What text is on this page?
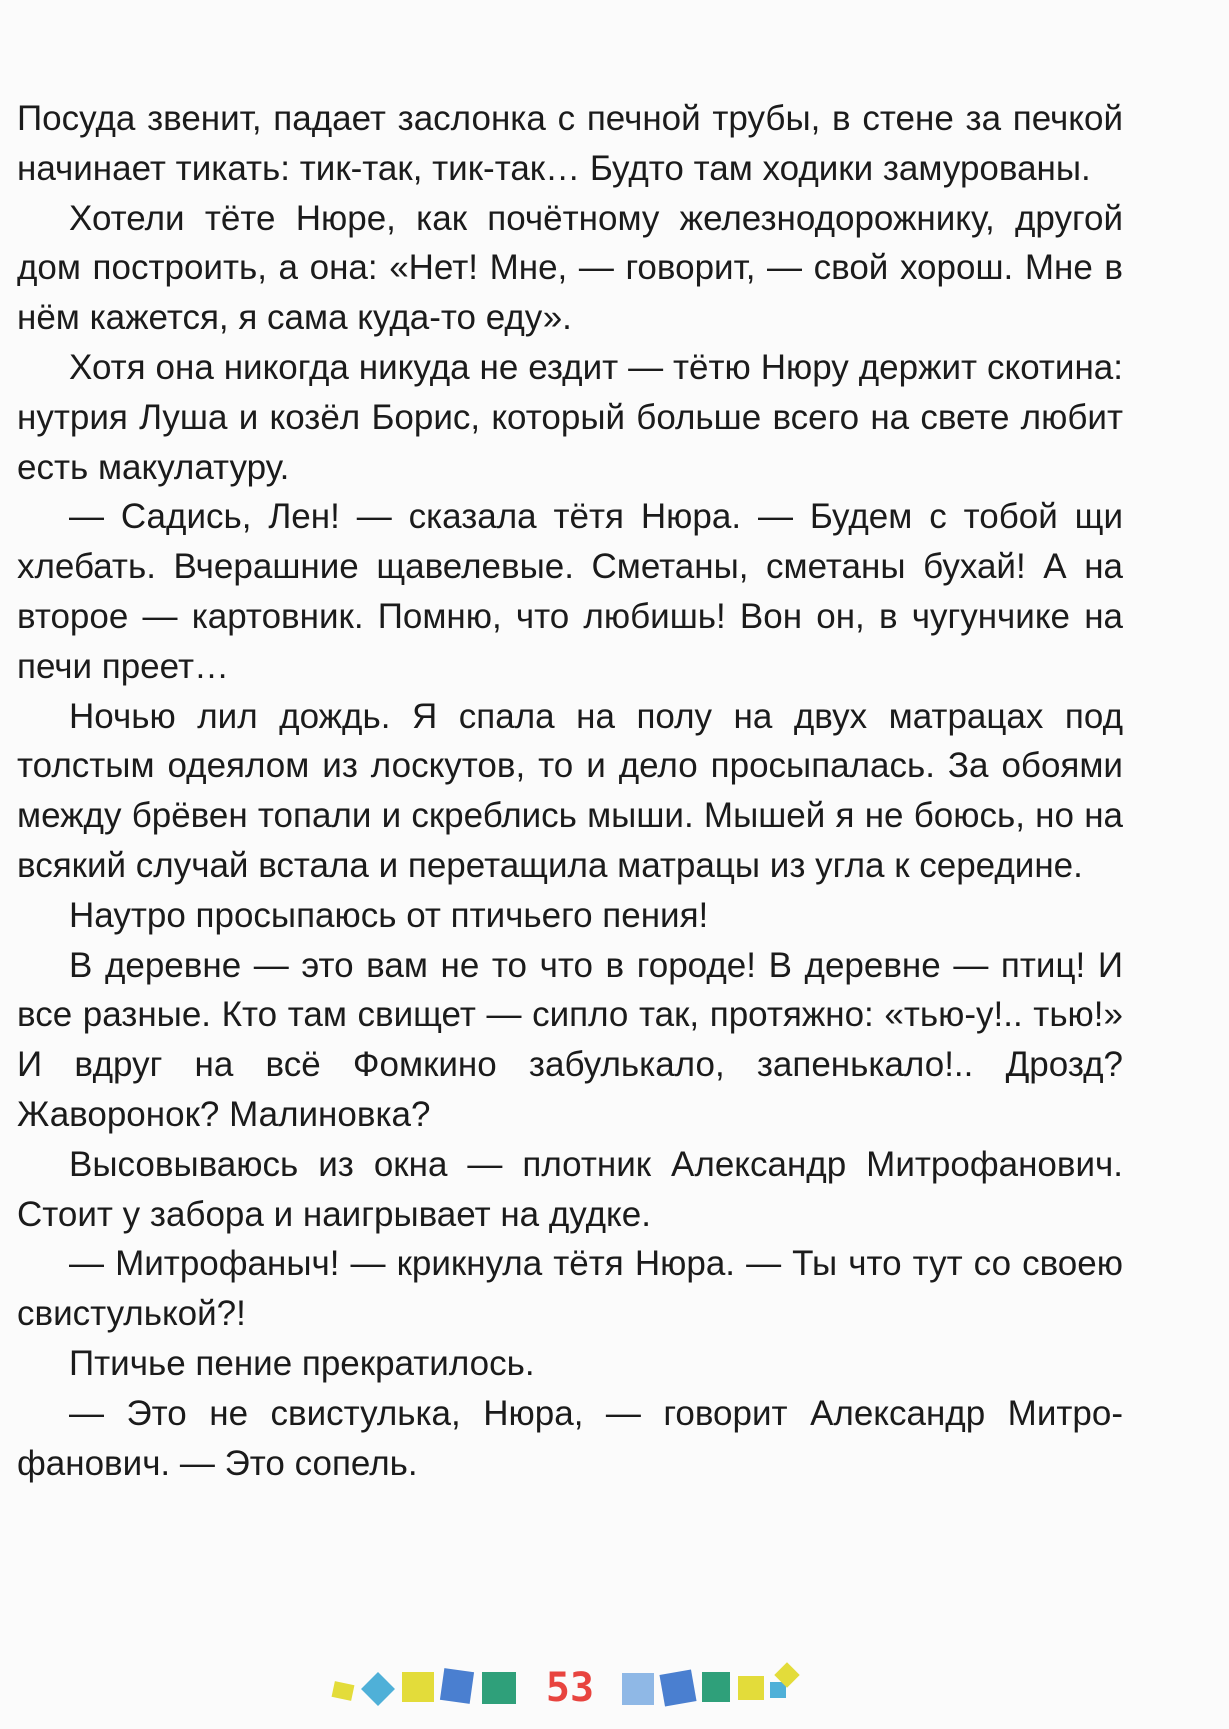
Посуда звенит, падает заслонка с печной трубы, в стене за печкой начинает тикать: тик-так, тик-так… Будто там ходики замурованы.

Хотели тёте Нюре, как почётному железнодорожнику, другой дом построить, а она: «Нет! Мне, — говорит, — свой хорош. Мне в нём кажется, я сама куда-то еду».

Хотя она никогда никуда не ездит — тётю Нюру держит скотина: нутрия Луша и козёл Борис, который больше всего на свете любит есть макулатуру.

— Садись, Лен! — сказала тётя Нюра. — Будем с тобой щи хлебать. Вчерашние щавелевые. Сметаны, сметаны бухай! А на второе — картовник. Помню, что любишь! Вон он, в чугунчике на печи преет…

Ночью лил дождь. Я спала на полу на двух матрацах под толстым одеялом из лоскутов, то и дело просыпалась. За обоями между брёвен топали и скреблись мыши. Мышей я не боюсь, но на всякий случай встала и перетащила матрацы из угла к середине.

Наутро просыпаюсь от птичьего пения!

В деревне — это вам не то что в городе! В деревне — птиц! И все разные. Кто там свищет — сипло так, протяжно: «тью-у!.. тью!» И вдруг на всё Фомкино забулькало, запенькало!.. Дрозд? Жаворонок? Малиновка?

Высовываюсь из окна — плотник Александр Митрофанович. Стоит у забора и наигрывает на дудке.

— Митрофаныч! — крикнула тётя Нюра. — Ты что тут со своею свистулькой?!

Птичье пение прекратилось.

— Это не свистулька, Нюра, — говорит Александр Митрофанович. — Это сопель.

53
